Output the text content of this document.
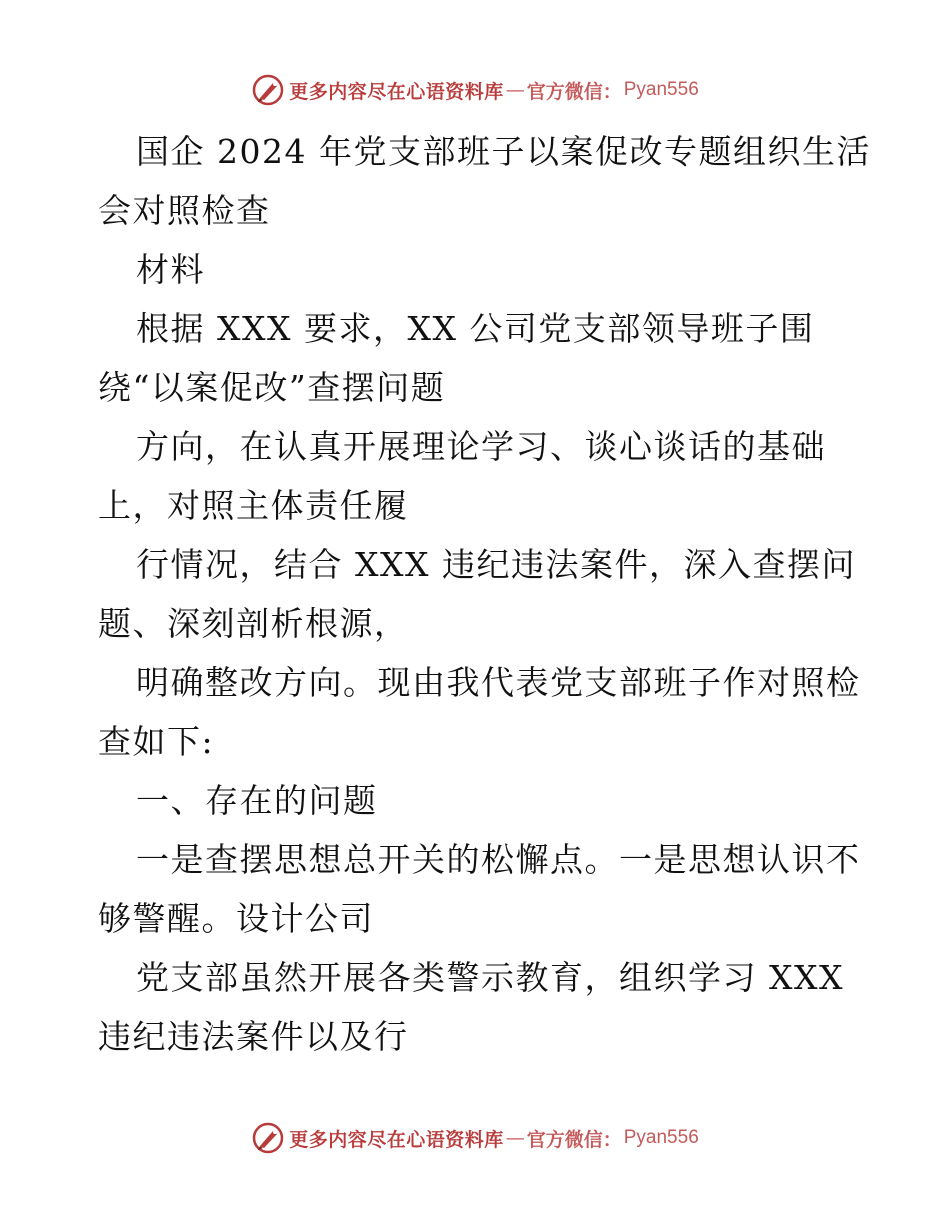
更多内容尽在心语资料库 — 官方微信： Pyan556
国企 2024 年党支部班子以案促改专题组织生活
会对照检查
材料
根据 XXX 要求，XX 公司党支部领导班子围
绕“以案促改”查摆问题
方向，在认真开展理论学习、谈心谈话的基础
上，对照主体责任履
行情况，结合 XXX 违纪违法案件，深入查摆问
题、深刻剖析根源，
明确整改方向。现由我代表党支部班子作对照检
查如下:
一、存在的问题
一是查摆思想总开关的松懈点。一是思想认识不
够警醒。设计公司
党支部虽然开展各类警示教育，组织学习 XXX
违纪违法案件以及行
更多内容尽在心语资料库 — 官方微信： Pyan556
